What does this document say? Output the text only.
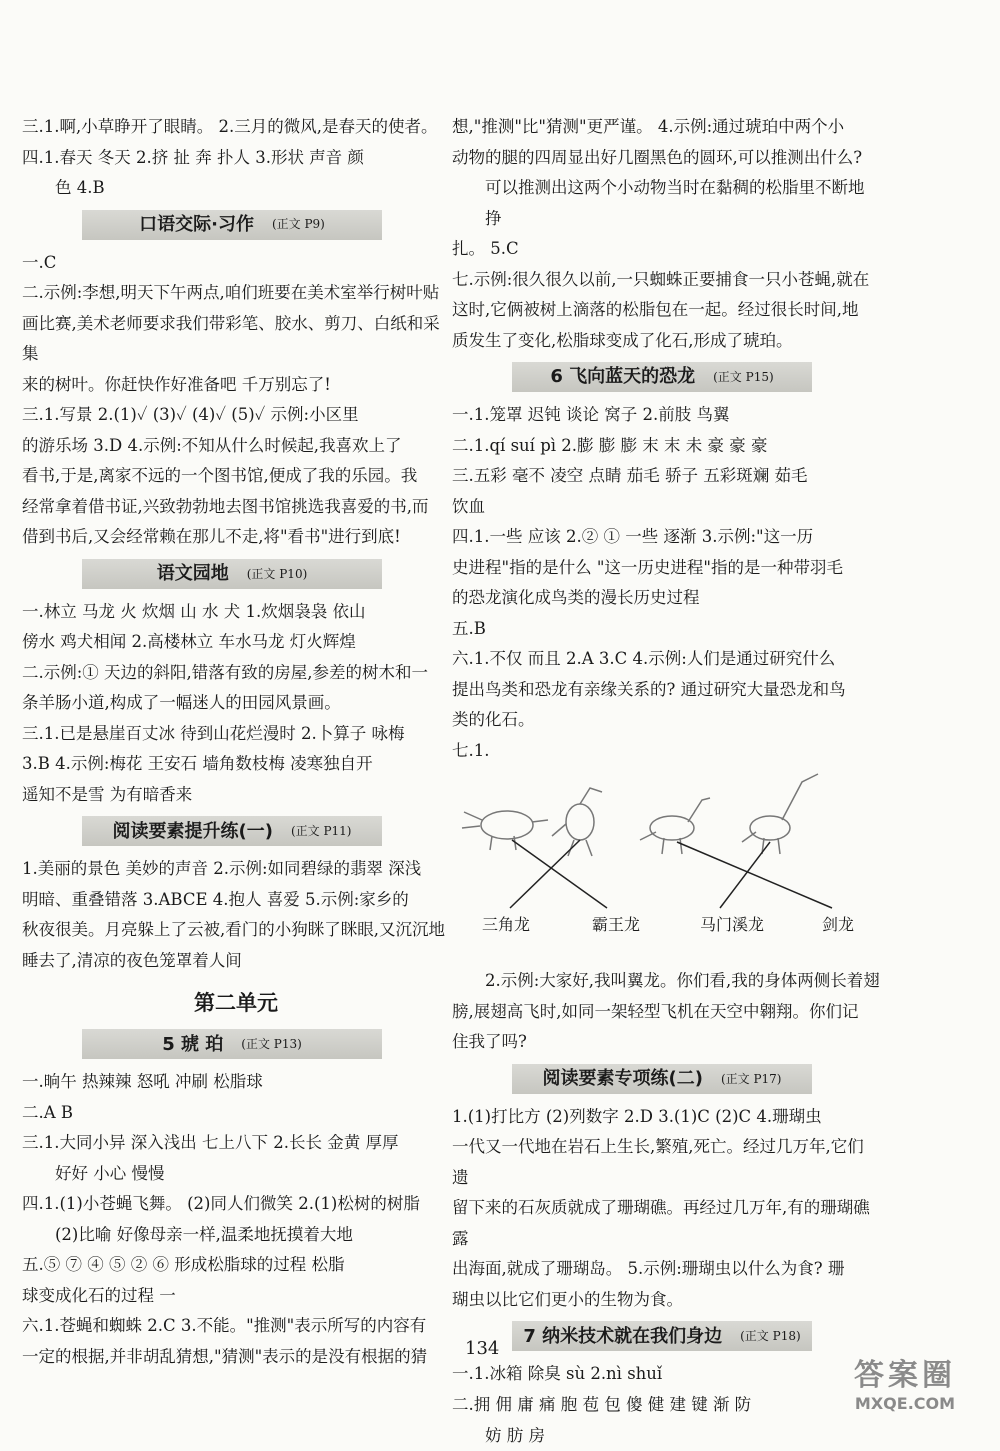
三.1.啊,小草睁开了眼睛。 2.三月的微风,是春天的使者。

四.1.春天 冬天 2.挤 扯 奔 扑人 3.形状 声音 颜

色 4.B

口语交际·习作 (正文 P9)

一.C

二.示例:李想,明天下午两点,咱们班要在美术室举行树叶贴

画比赛,美术老师要求我们带彩笔、胶水、剪刀、白纸和采集

来的树叶。你赶快作好准备吧 千万别忘了!

三.1.写景 2.(1)✓ (3)✓ (4)✓ (5)✓ 示例:小区里

的游乐场 3.D 4.示例:不知从什么时候起,我喜欢上了

看书,于是,离家不远的一个图书馆,便成了我的乐园。我

经常拿着借书证,兴致勃勃地去图书馆挑选我喜爱的书,而

借到书后,又会经常赖在那儿不走,将"看书"进行到底!

语文园地 (正文 P10)

一.林立 马龙 火 炊烟 山 水 犬 1.炊烟袅袅 依山

傍水 鸡犬相闻 2.高楼林立 车水马龙 灯火辉煌

二.示例:① 天边的斜阳,错落有致的房屋,参差的树木和一

条羊肠小道,构成了一幅迷人的田园风景画。

三.1.已是悬崖百丈冰 待到山花烂漫时 2.卜算子 咏梅

3.B 4.示例:梅花 王安石 墙角数枝梅 凌寒独自开

遥知不是雪 为有暗香来

阅读要素提升练(一) (正文 P11)

1.美丽的景色 美妙的声音 2.示例:如同碧绿的翡翠 深浅

明暗、重叠错落 3.ABCE 4.抱人 喜爱 5.示例:家乡的

秋夜很美。月亮躲上了云被,看门的小狗眯了眯眼,又沉沉地

睡去了,清凉的夜色笼罩着人间

第二单元
5 琥 珀 (正文 P13)

一.晌午 热辣辣 怒吼 冲刷 松脂球

二.A B

三.1.大同小异 深入浅出 七上八下 2.长长 金黄 厚厚

好好 小心 慢慢

四.1.(1)小苍蝇飞舞。 (2)同人们微笑 2.(1)松树的树脂

(2)比喻 好像母亲一样,温柔地抚摸着大地

五.⑤ ⑦ ④ ⑤ ② ⑥ 形成松脂球的过程 松脂

球变成化石的过程 一

六.1.苍蝇和蜘蛛 2.C 3.不能。"推测"表示所写的内容有

一定的根据,并非胡乱猜想,"猜测"表示的是没有根据的猜

想,"推测"比"猜测"更严谨。 4.示例:通过琥珀中两个小

动物的腿的四周显出好几圈黑色的圆环,可以推测出什么?

可以推测出这两个小动物当时在黏稠的松脂里不断地挣

扎。 5.C

七.示例:很久很久以前,一只蜘蛛正要捕食一只小苍蝇,就在

这时,它俩被树上滴落的松脂包在一起。经过很长时间,地

质发生了变化,松脂球变成了化石,形成了琥珀。

6 飞向蓝天的恐龙 (正文 P15)

一.1.笼罩 迟钝 谈论 窝子 2.前肢 鸟翼

二.1.qí suí pì 2.膨 膨 膨 末 末 未 豪 豪 豪

三.五彩 毫不 凌空 点睛 茄毛 骄子 五彩斑斓 茹毛

饮血

四.1.一些 应该 2.② ① 一些 逐渐 3.示例:"这一历

史进程"指的是什么 "这一历史进程"指的是一种带羽毛

的恐龙演化成鸟类的漫长历史过程

五.B

六.1.不仅 而且 2.A 3.C 4.示例:人们是通过研究什么

提出鸟类和恐龙有亲缘关系的? 通过研究大量恐龙和鸟

类的化石。

七.1.

三角龙	霸王龙	马门溪龙	剑龙

2.示例:大家好,我叫翼龙。你们看,我的身体两侧长着翅

膀,展翅高飞时,如同一架轻型飞机在天空中翱翔。你们记

住我了吗?

阅读要素专项练(二) (正文 P17)

1.(1)打比方 (2)列数字 2.D 3.(1)C (2)C 4.珊瑚虫

一代又一代地在岩石上生长,繁殖,死亡。经过几万年,它们遗

留下来的石灰质就成了珊瑚礁。再经过几万年,有的珊瑚礁露

出海面,就成了珊瑚岛。 5.示例:珊瑚虫以什么为食? 珊

瑚虫以比它们更小的生物为食。

7 纳米技术就在我们身边 (正文 P18)

一.1.冰箱 除臭 sù 2.nì shuǐ

二.拥 佣 庸 痛 胞 苞 包 傻 健 建 键 渐 防

妨 肪 房

134
答案圈
MXQE.COM
